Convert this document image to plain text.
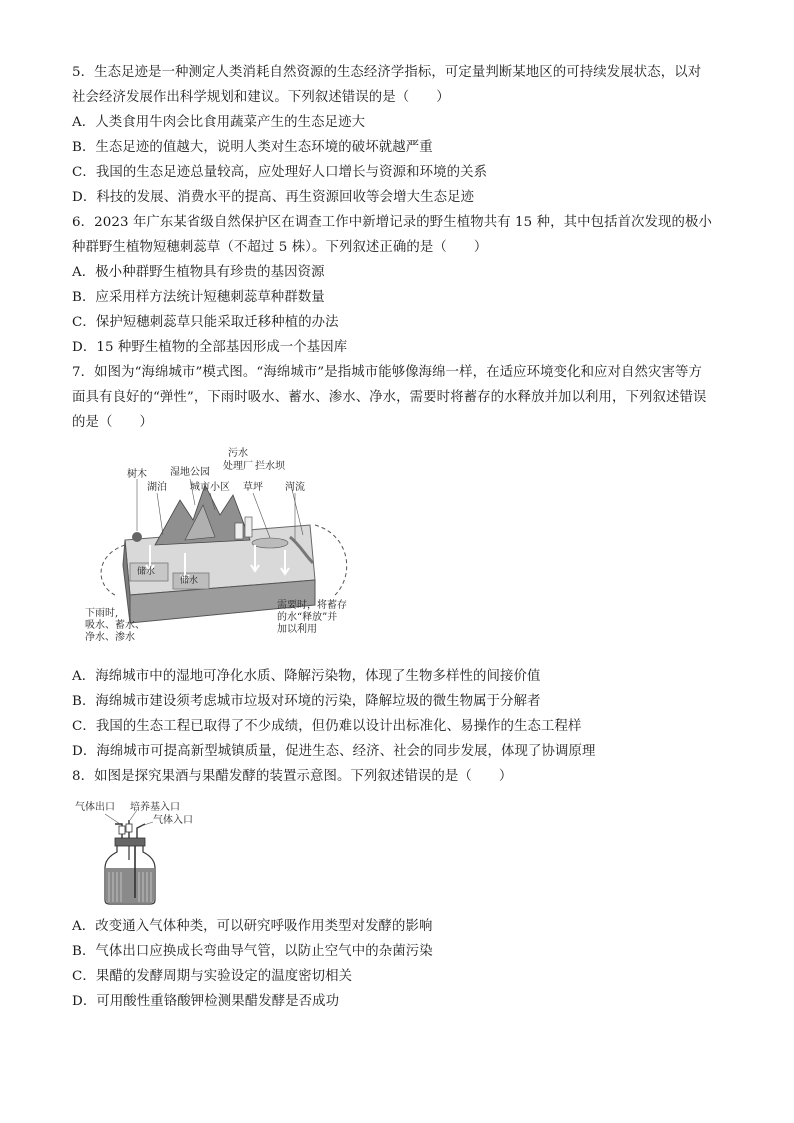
5．生态足迹是一种测定人类消耗自然资源的生态经济学指标，可定量判断某地区的可持续发展状态，以对
社会经济发展作出科学规划和建议。下列叙述错误的是（　　）
A．人类食用牛肉会比食用蔬菜产生的生态足迹大
B．生态足迹的值越大，说明人类对生态环境的破坏就越严重
C．我国的生态足迹总量较高，应处理好人口增长与资源和环境的关系
D．科技的发展、消费水平的提高、再生资源回收等会增大生态足迹
6．2023 年广东某省级自然保护区在调查工作中新增记录的野生植物共有 15 种，其中包括首次发现的极小
种群野生植物短穗刺蕊草（不超过 5 株）。下列叙述正确的是（　　）
A．极小种群野生植物具有珍贵的基因资源
B．应采用样方法统计短穗刺蕊草种群数量
C．保护短穗刺蕊草只能采取迁移种植的办法
D．15 种野生植物的全部基因形成一个基因库
7．如图为“海绵城市”模式图。“海绵城市”是指城市能够像海绵一样，在适应环境变化和应对自然灾害等方
面具有良好的“弹性”，下雨时吸水、蓄水、渗水、净水，需要时将蓄存的水释放并加以利用，下列叙述错误
的是（　　）
污水
处理厂 拦水坝
树木 湿地公园
湖泊 城市小区 草坪 河流
储水
储水
下雨时,
吸水、蓄水、
净水、渗水
需要时，将蓄存
的水“释放”并
加以利用
A．海绵城市中的湿地可净化水质、降解污染物，体现了生物多样性的间接价值
B．海绵城市建设须考虑城市垃圾对环境的污染，降解垃圾的微生物属于分解者
C．我国的生态工程已取得了不少成绩，但仍难以设计出标准化、易操作的生态工程样
D．海绵城市可提高新型城镇质量，促进生态、经济、社会的同步发展，体现了协调原理
8．如图是探究果酒与果醋发酵的装置示意图。下列叙述错误的是（　　）
气体出口 培养基入口
气体入口
A．改变通入气体种类，可以研究呼吸作用类型对发酵的影响
B．气体出口应换成长弯曲导气管，以防止空气中的杂菌污染
C．果醋的发酵周期与实验设定的温度密切相关
D．可用酸性重铬酸钾检测果醋发酵是否成功
